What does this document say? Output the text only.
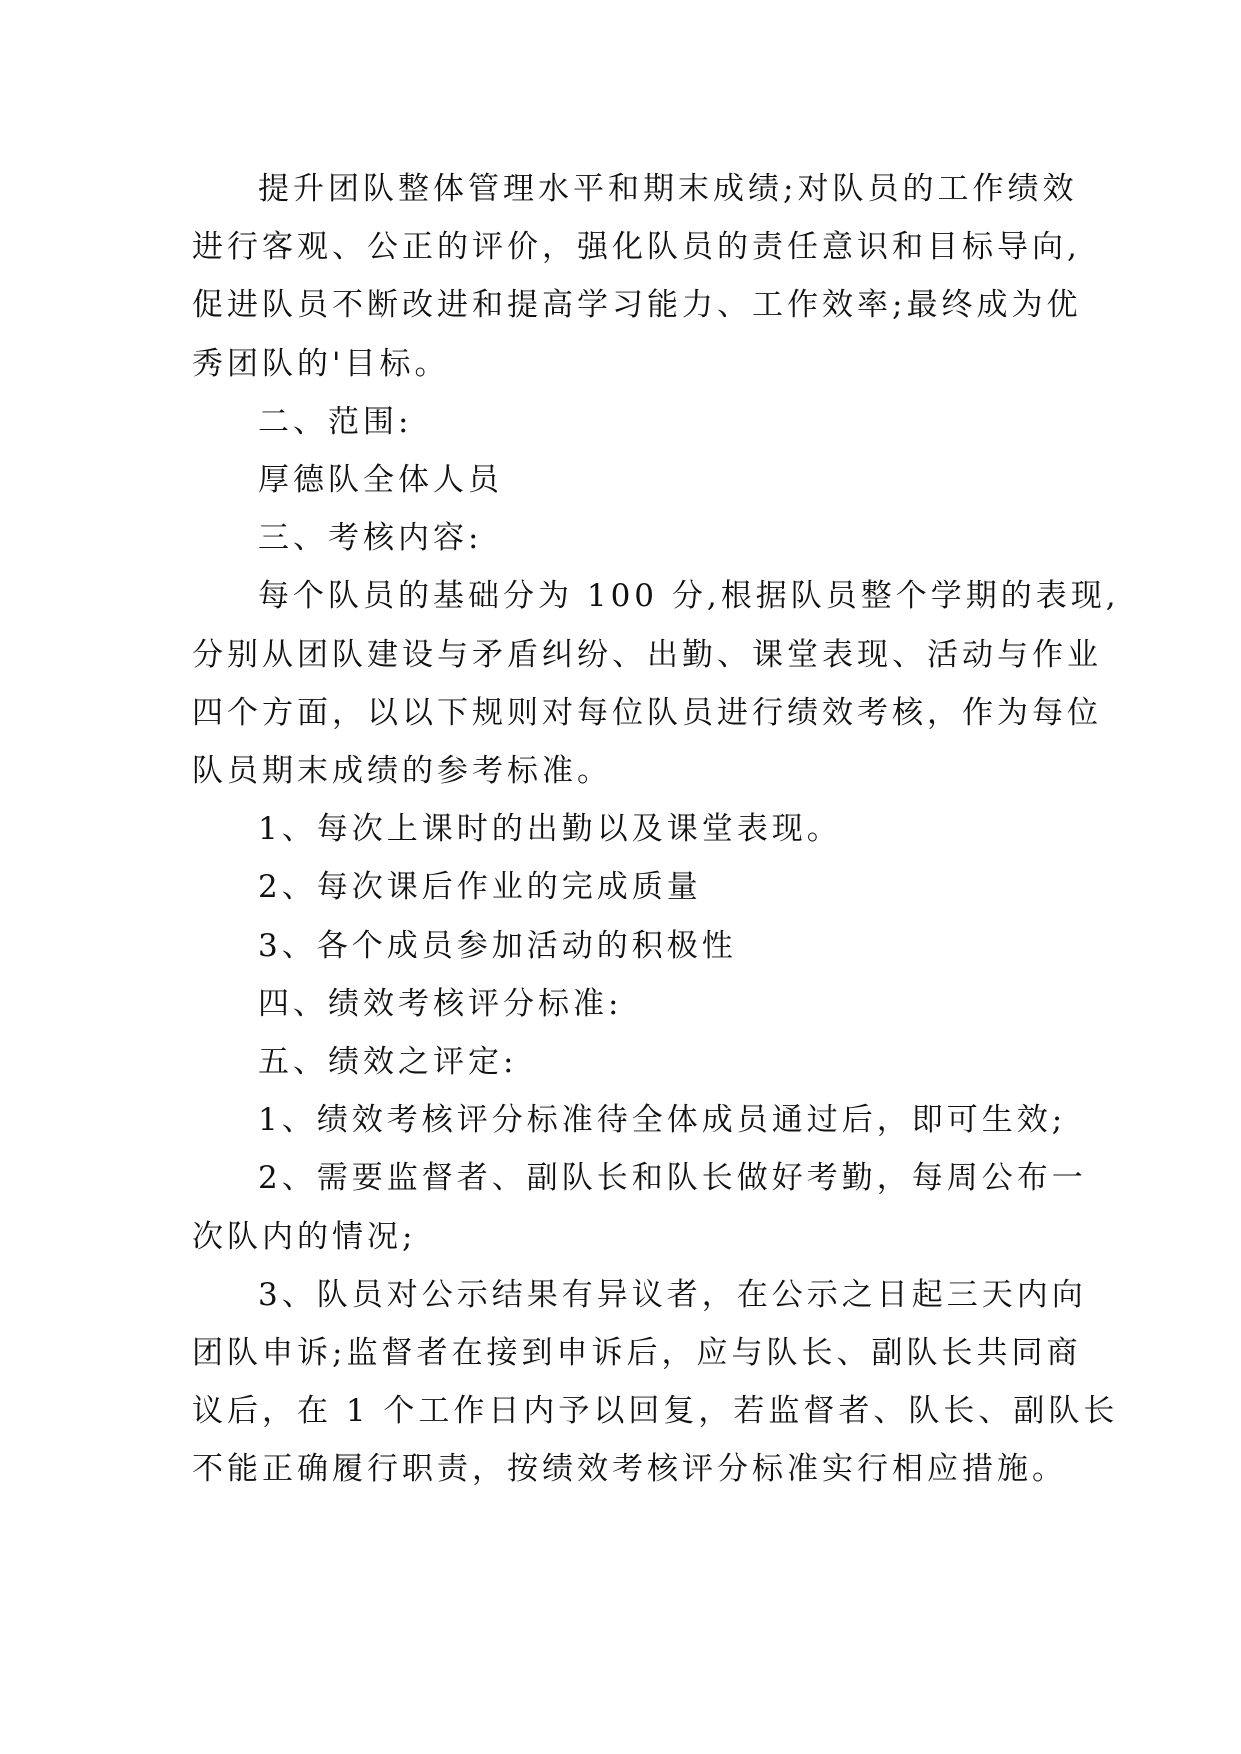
提升团队整体管理水平和期末成绩;对队员的工作绩效
进行客观、公正的评价，强化队员的责任意识和目标导向,
促进队员不断改进和提高学习能力、工作效率;最终成为优
秀团队的'目标。

二、范围:

厚德队全体人员

三、考核内容:

每个队员的基础分为 100 分,根据队员整个学期的表现,
分别从团队建设与矛盾纠纷、出勤、课堂表现、活动与作业
四个方面，以以下规则对每位队员进行绩效考核，作为每位
队员期末成绩的参考标准。

1、每次上课时的出勤以及课堂表现。

2、每次课后作业的完成质量

3、各个成员参加活动的积极性

四、绩效考核评分标准:

五、绩效之评定:

1、绩效考核评分标准待全体成员通过后，即可生效;

2、需要监督者、副队长和队长做好考勤，每周公布一
次队内的情况;

3、队员对公示结果有异议者，在公示之日起三天内向
团队申诉;监督者在接到申诉后，应与队长、副队长共同商
议后，在 1 个工作日内予以回复，若监督者、队长、副队长
不能正确履行职责，按绩效考核评分标准实行相应措施。
